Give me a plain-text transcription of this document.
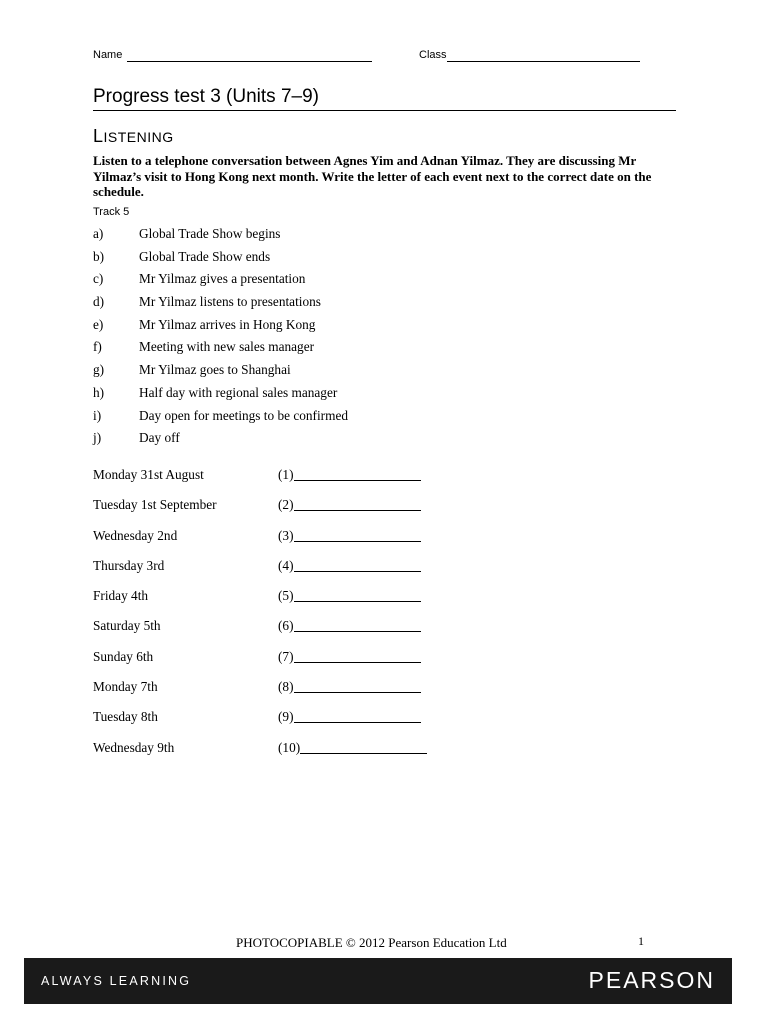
Name	Class
Progress test 3 (Units 7–9)
LISTENING
Listen to a telephone conversation between Agnes Yim and Adnan Yilmaz. They are discussing Mr Yilmaz’s visit to Hong Kong next month. Write the letter of each event next to the correct date on the schedule.
Track 5
a)	Global Trade Show begins
b)	Global Trade Show ends
c)	Mr Yilmaz gives a presentation
d)	Mr Yilmaz listens to presentations
e)	Mr Yilmaz arrives in Hong Kong
f)	Meeting with new sales manager
g)	Mr Yilmaz goes to Shanghai
h)	Half day with regional sales manager
i)	Day open for meetings to be confirmed
j)	Day off
Monday 31st August	(1)
Tuesday 1st September	(2)
Wednesday 2nd	(3)
Thursday 3rd	(4)
Friday 4th	(5)
Saturday 5th	(6)
Sunday 6th	(7)
Monday 7th	(8)
Tuesday 8th	(9)
Wednesday 9th	(10)
PHOTOCOPIABLE © 2012 Pearson Education Ltd	1
ALWAYS LEARNING	PEARSON
